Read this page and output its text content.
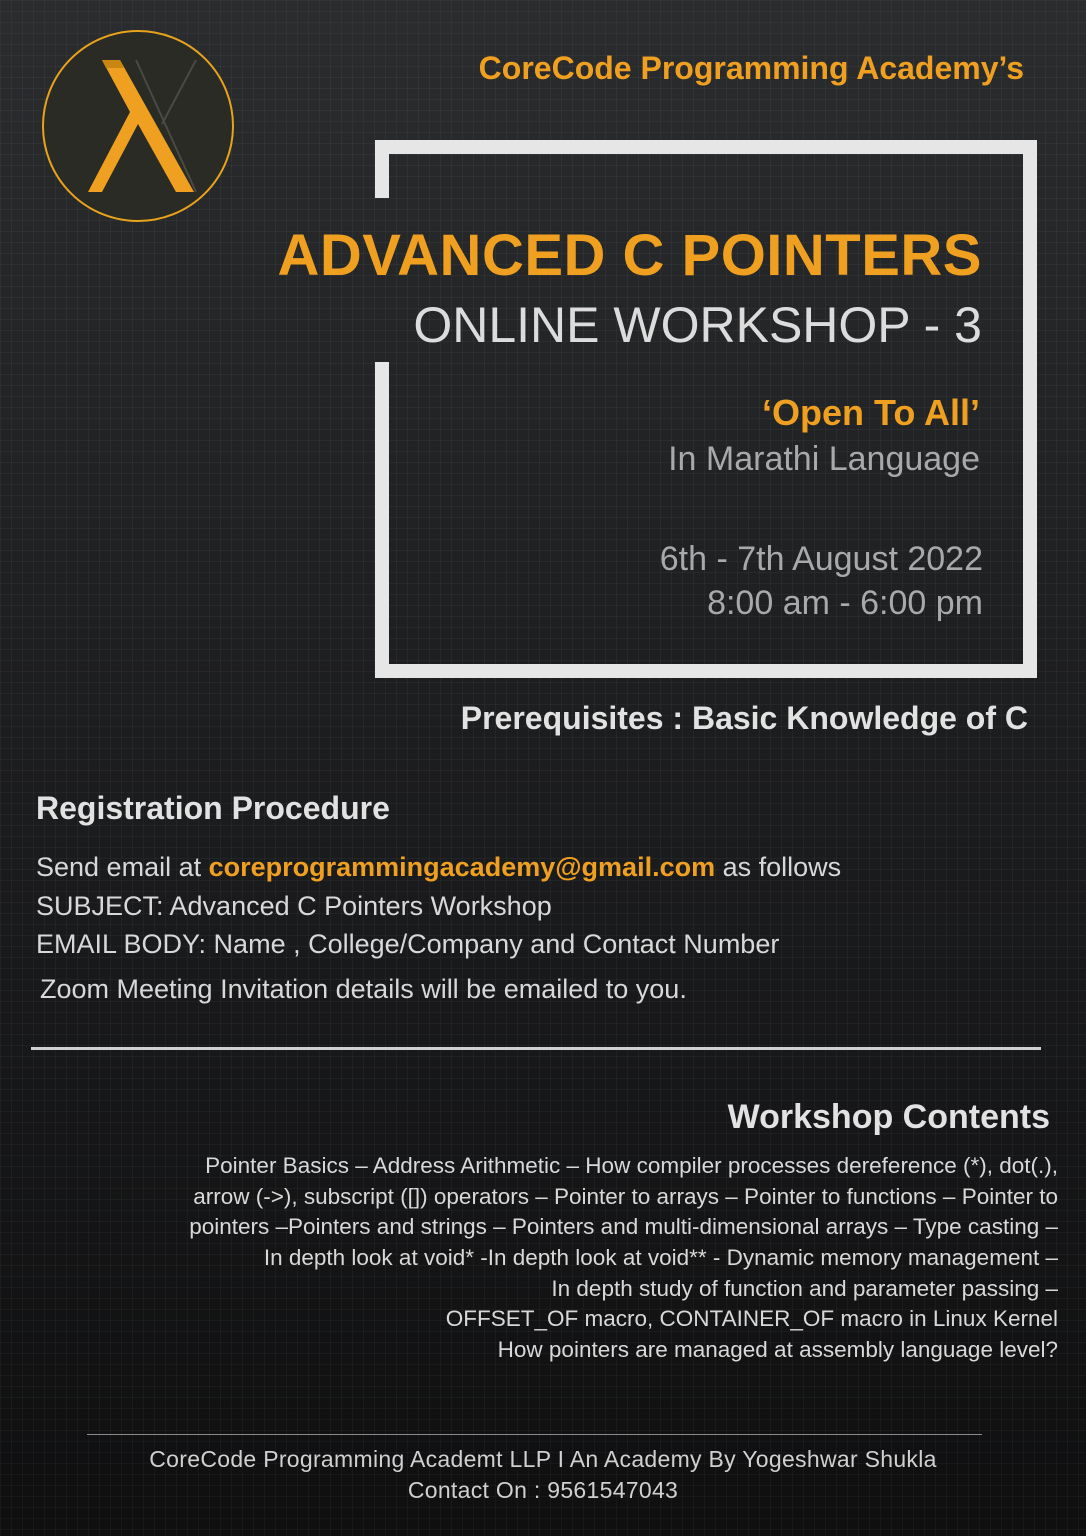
CoreCode Programming Academy’s
ADVANCED C POINTERS
ONLINE WORKSHOP - 3
‘Open To All’
In Marathi Language
6th - 7th August 2022
8:00 am - 6:00 pm
Prerequisites : Basic Knowledge of C
Registration Procedure
Send email at coreprogrammingacademy@gmail.com as follows
SUBJECT: Advanced C Pointers Workshop
EMAIL BODY: Name , College/Company and Contact Number
Zoom Meeting Invitation details will be emailed to you.
Workshop Contents
Pointer Basics – Address Arithmetic – How compiler processes dereference (*), dot(.),
arrow (->), subscript ([]) operators – Pointer to arrays – Pointer to functions – Pointer to
pointers –Pointers and strings – Pointers and multi-dimensional arrays – Type casting –
In depth look at void* -In depth look at void** - Dynamic memory management –
In depth study of function and parameter passing –
OFFSET_OF macro, CONTAINER_OF macro in Linux Kernel
How pointers are managed at assembly language level?
CoreCode Programming Academt LLP I An Academy By Yogeshwar Shukla
Contact On : 9561547043
